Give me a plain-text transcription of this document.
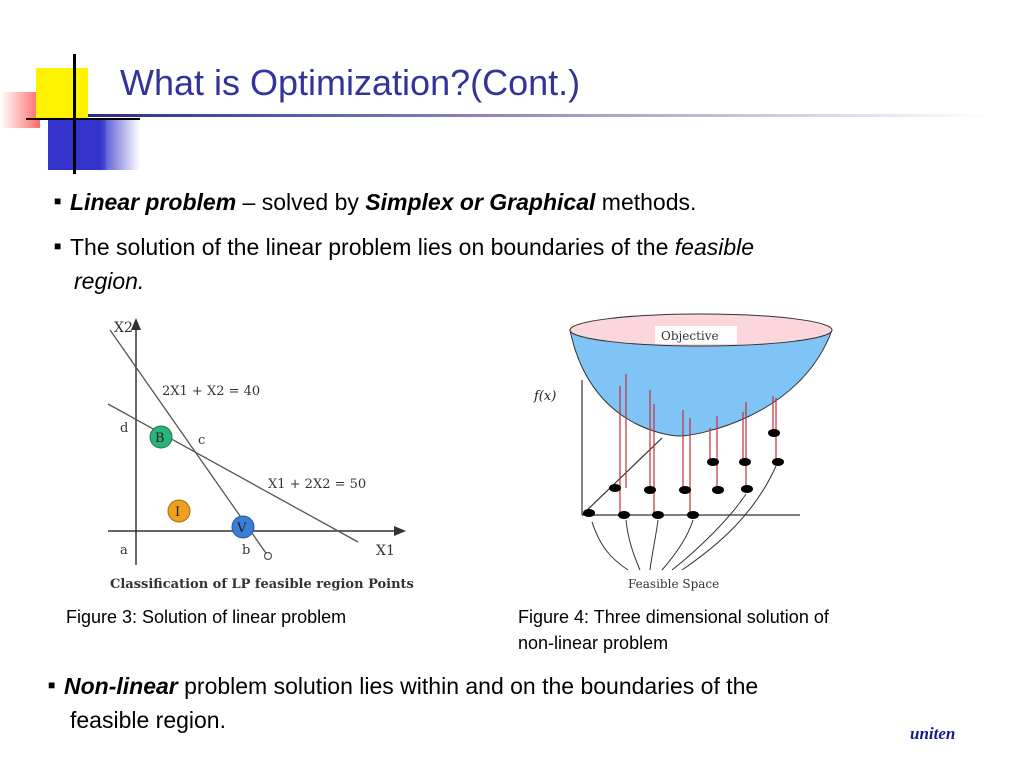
What is Optimization?(Cont.)
■ Linear problem – solved by Simplex or Graphical methods.
■ The solution of the linear problem lies on boundaries of the feasible
region.
X2
X1
2X1 + X2 = 40
X1 + 2X2 = 50
d
c
a	b
B
I
V
Classification of LP feasible region Points
Figure 3: Solution of linear problem
Objective
f(x)
Feasible Space
Figure 4: Three dimensional solution of
non-linear problem
■ Non-linear problem solution lies within and on the boundaries of the
feasible region.
uniten
